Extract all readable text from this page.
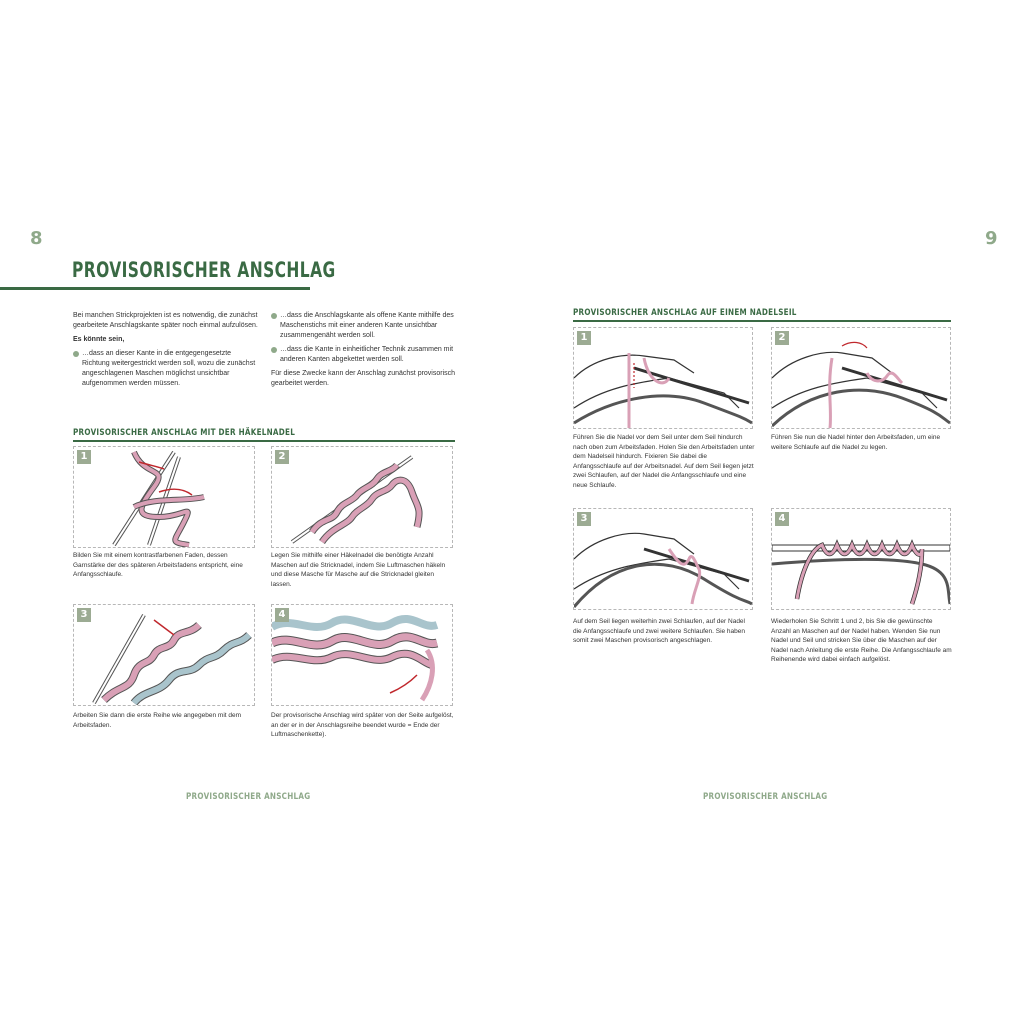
8	9
PROVISORISCHER ANSCHLAG

Bei manchen Strickprojekten ist es notwendig, die zunächst gearbeitete Anschlagskante später noch einmal aufzulösen.

Es könnte sein,

…dass an dieser Kante in die entgegengesetzte Richtung weitergestrickt werden soll, wozu die zunächst angeschlagenen Maschen möglichst unsichtbar aufgenommen werden müssen.

…dass die Anschlagskante als offene Kante mithilfe des Maschenstichs mit einer anderen Kante unsichtbar zusammengenäht werden soll.

…dass die Kante in einheitlicher Technik zusammen mit anderen Kanten abgekettet werden soll.

Für diese Zwecke kann der Anschlag zunächst provisorisch gearbeitet werden.

PROVISORISCHER ANSCHLAG MIT DER HÄKELNADEL
1
Bilden Sie mit einem kontrastfarbenen Faden, dessen Garnstärke der des späteren Arbeitsfadens entspricht, eine Anfangsschlaufe.
2
Legen Sie mithilfe einer Häkelnadel die benötigte Anzahl Maschen auf die Stricknadel, indem Sie Luftmaschen häkeln und diese Masche für Masche auf die Stricknadel gleiten lassen.
3
Arbeiten Sie dann die erste Reihe wie angegeben mit dem Arbeitsfaden.
4
Der provisorische Anschlag wird später von der Seite aufgelöst, an der er in der Anschlagsreihe beendet wurde = Ende der Luftmaschenkette).
PROVISORISCHER ANSCHLAG AUF EINEM NADELSEIL
1
Führen Sie die Nadel vor dem Seil unter dem Seil hindurch nach oben zum Arbeitsfaden. Holen Sie den Arbeitsfaden unter dem Nadelseil hindurch. Fixieren Sie dabei die Anfangsschlaufe auf der Arbeitsnadel. Auf dem Seil liegen jetzt zwei Schlaufen, auf der Nadel die Anfangsschlaufe und eine neue Schlaufe.
2
Führen Sie nun die Nadel hinter den Arbeitsfaden, um eine weitere Schlaufe auf die Nadel zu legen.
3
Auf dem Seil liegen weiterhin zwei Schlaufen, auf der Nadel die Anfangsschlaufe und zwei weitere Schlaufen. Sie haben somit zwei Maschen provisorisch angeschlagen.
4
Wiederholen Sie Schritt 1 und 2, bis Sie die gewünschte Anzahl an Maschen auf der Nadel haben. Wenden Sie nun Nadel und Seil und stricken Sie über die Maschen auf der Nadel nach Anleitung die erste Reihe. Die Anfangsschlaufe am Reihenende wird dabei einfach aufgelöst.
PROVISORISCHER ANSCHLAG	PROVISORISCHER ANSCHLAG
